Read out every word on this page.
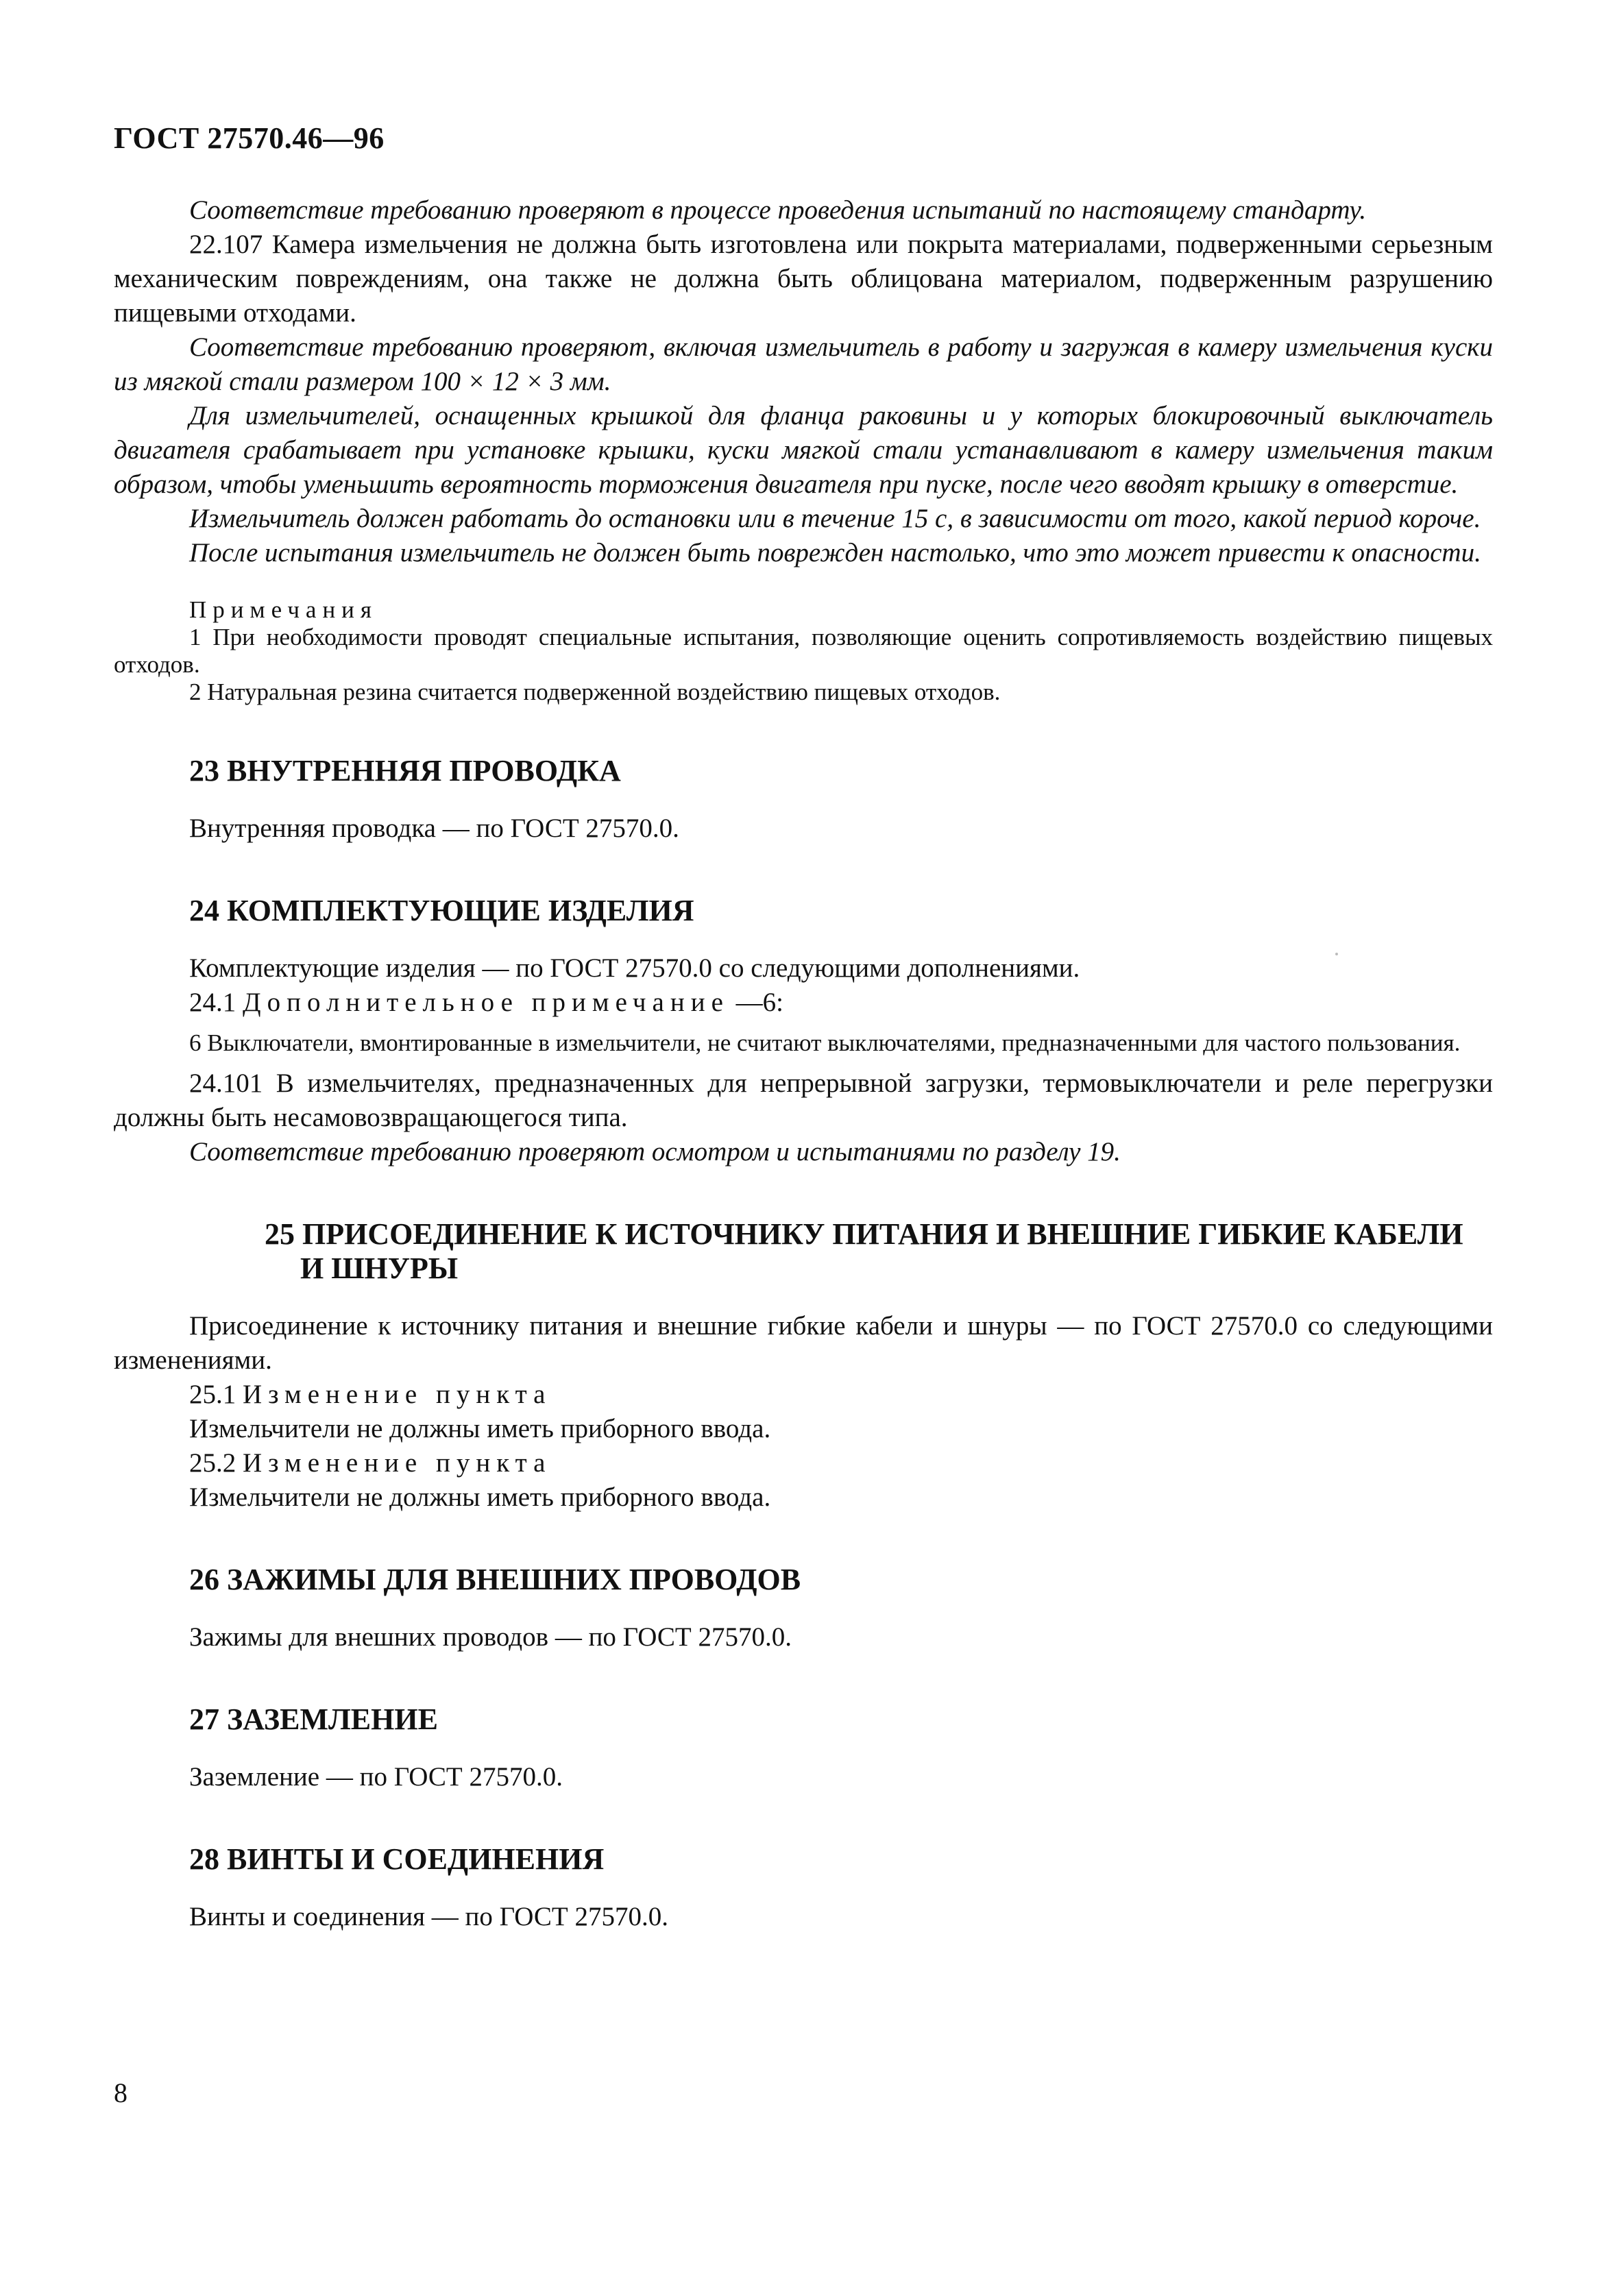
ГОСТ 27570.46—96

Соответствие требованию проверяют в процессе проведения испытаний по настоящему стандарту.

22.107 Камера измельчения не должна быть изготовлена или покрыта материалами, подверженными серьезным механическим повреждениям, она также не должна быть облицована материалом, подверженным разрушению пищевыми отходами.

Соответствие требованию проверяют, включая измельчитель в работу и загружая в камеру измельчения куски из мягкой стали размером 100 × 12 × 3 мм.

Для измельчителей, оснащенных крышкой для фланца раковины и у которых блокировочный выключатель двигателя срабатывает при установке крышки, куски мягкой стали устанавливают в камеру измельчения таким образом, чтобы уменьшить вероятность торможения двигателя при пуске, после чего вводят крышку в отверстие.

Измельчитель должен работать до остановки или в течение 15 с, в зависимости от того, какой период короче.

После испытания измельчитель не должен быть поврежден настолько, что это может привести к опасности.

Примечания

1 При необходимости проводят специальные испытания, позволяющие оценить сопротивляемость воздействию пищевых отходов.

2 Натуральная резина считается подверженной воздействию пищевых отходов.

23 ВНУТРЕННЯЯ ПРОВОДКА

Внутренняя проводка — по ГОСТ 27570.0.

24 КОМПЛЕКТУЮЩИЕ ИЗДЕЛИЯ

Комплектующие изделия — по ГОСТ 27570.0 со следующими дополнениями.

24.1 Дополнительное примечание —6:

6 Выключатели, вмонтированные в измельчители, не считают выключателями, предназначенными для частого пользования.

24.101 В измельчителях, предназначенных для непрерывной загрузки, термовыключатели и реле перегрузки должны быть несамовозвращающегося типа.

Соответствие требованию проверяют осмотром и испытаниями по разделу 19.

25 ПРИСОЕДИНЕНИЕ К ИСТОЧНИКУ ПИТАНИЯ И ВНЕШНИЕ ГИБКИЕ КАБЕЛИ
И ШНУРЫ

Присоединение к источнику питания и внешние гибкие кабели и шнуры — по ГОСТ 27570.0 со следующими изменениями.

25.1 Изменение пункта

Измельчители не должны иметь приборного ввода.

25.2 Изменение пункта

Измельчители не должны иметь приборного ввода.

26 ЗАЖИМЫ ДЛЯ ВНЕШНИХ ПРОВОДОВ

Зажимы для внешних проводов — по ГОСТ 27570.0.

27 ЗАЗЕМЛЕНИЕ

Заземление — по ГОСТ 27570.0.

28 ВИНТЫ И СОЕДИНЕНИЯ

Винты и соединения — по ГОСТ 27570.0.

8
